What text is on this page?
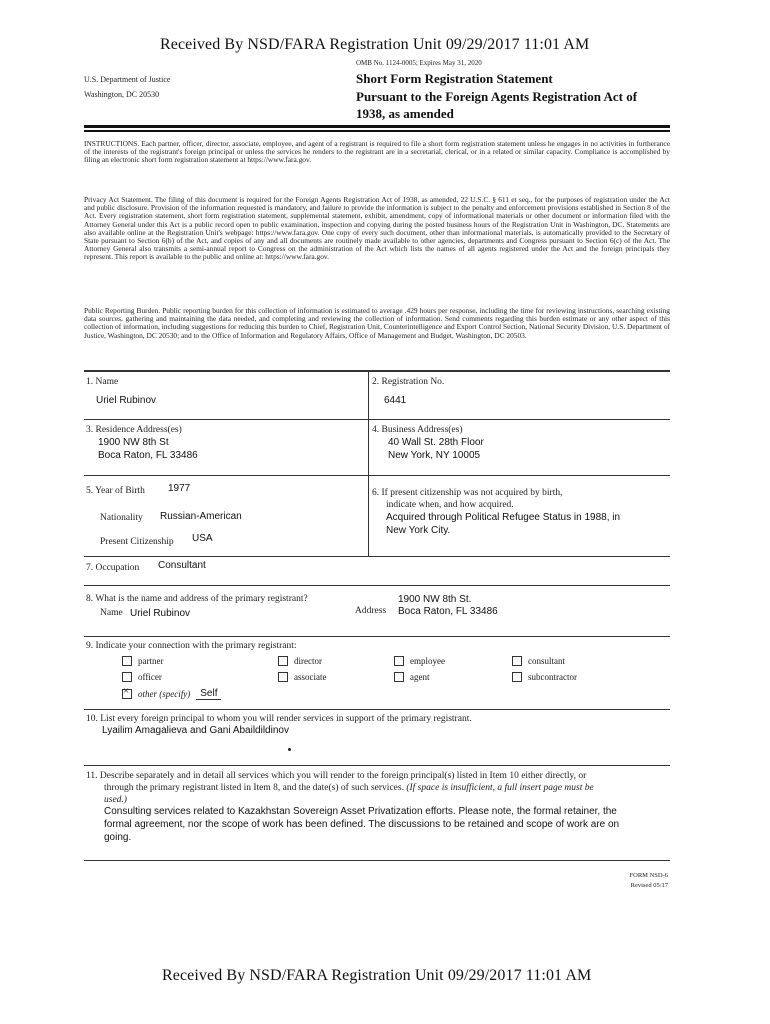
Received By NSD/FARA Registration Unit 09/29/2017 11:01 AM
OMB No. 1124-0005; Expires May 31, 2020
U.S. Department of Justice
Washington, DC 20530
Short Form Registration Statement
Pursuant to the Foreign Agents Registration Act of
1938, as amended
INSTRUCTIONS. Each partner, officer, director, associate, employee, and agent of a registrant is required to file a short form registration statement unless he engages in no activities in furtherance of the interests of the registrant's foreign principal or unless the services he renders to the registrant are in a secretarial, clerical, or in a related or similar capacity. Compliance is accomplished by filing an electronic short form registration statement at https://www.fara.gov.
Privacy Act Statement. The filing of this document is required for the Foreign Agents Registration Act of 1938, as amended, 22 U.S.C. § 611 et seq., for the purposes of registration under the Act and public disclosure. Provision of the information requested is mandatory, and failure to provide the information is subject to the penalty and enforcement provisions established in Section 8 of the Act. Every registration statement, short form registration statement, supplemental statement, exhibit, amendment, copy of informational materials or other document or information filed with the Attorney General under this Act is a public record open to public examination, inspection and copying during the posted business hours of the Registration Unit in Washington, DC. Statements are also available online at the Registration Unit's webpage: https://www.fara.gov. One copy of every such document, other than informational materials, is automatically provided to the Secretary of State pursuant to Section 6(b) of the Act, and copies of any and all documents are routinely made available to other agencies, departments and Congress pursuant to Section 6(c) of the Act. The Attorney General also transmits a semi-annual report to Congress on the administration of the Act which lists the names of all agents registered under the Act and the foreign principals they represent. This report is available to the public and online at: https://www.fara.gov.
Public Reporting Burden. Public reporting burden for this collection of information is estimated to average .429 hours per response, including the time for reviewing instructions, searching existing data sources, gathering and maintaining the data needed, and completing and reviewing the collection of information. Send comments regarding this burden estimate or any other aspect of this collection of information, including suggestions for reducing this burden to Chief, Registration Unit, Counterintelligence and Export Control Section, National Security Division, U.S. Department of Justice, Washington, DC 20530; and to the Office of Information and Regulatory Affairs, Office of Management and Budget, Washington, DC 20503.
1. Name
Uriel Rubinov
2. Registration No.
6441
3. Residence Address(es)
1900 NW 8th St
Boca Raton, FL 33486
4. Business Address(es)
40 Wall St. 28th Floor
New York, NY 10005
5. Year of Birth 1977
Nationality Russian-American
Present Citizenship USA
6. If present citizenship was not acquired by birth,
indicate when, and how acquired.
Acquired through Political Refugee Status in 1988, in
New York City.
7. Occupation Consultant
8. What is the name and address of the primary registrant?
Name Uriel Rubinov
1900 NW 8th St.
Address Boca Raton, FL 33486
9. Indicate your connection with the primary registrant:
partner
officer
×
other (specify)	Self
director
associate
employee
agent
consultant
subcontractor
10. List every foreign principal to whom you will render services in support of the primary registrant.
Lyailim Amagalieva and Gani Abaildildinov
11. Describe separately and in detail all services which you will render to the foreign principal(s) listed in Item 10 either directly, or
through the primary registrant listed in Item 8, and the date(s) of such services. (If space is insufficient, a full insert page must be
used.)
Consulting services related to Kazakhstan Sovereign Asset Privatization efforts. Please note, the formal retainer, the
formal agreement, nor the scope of work has been defined. The discussions to be retained and scope of work are on
going.
FORM NSD-6
Revised 05/17
Received By NSD/FARA Registration Unit 09/29/2017 11:01 AM
